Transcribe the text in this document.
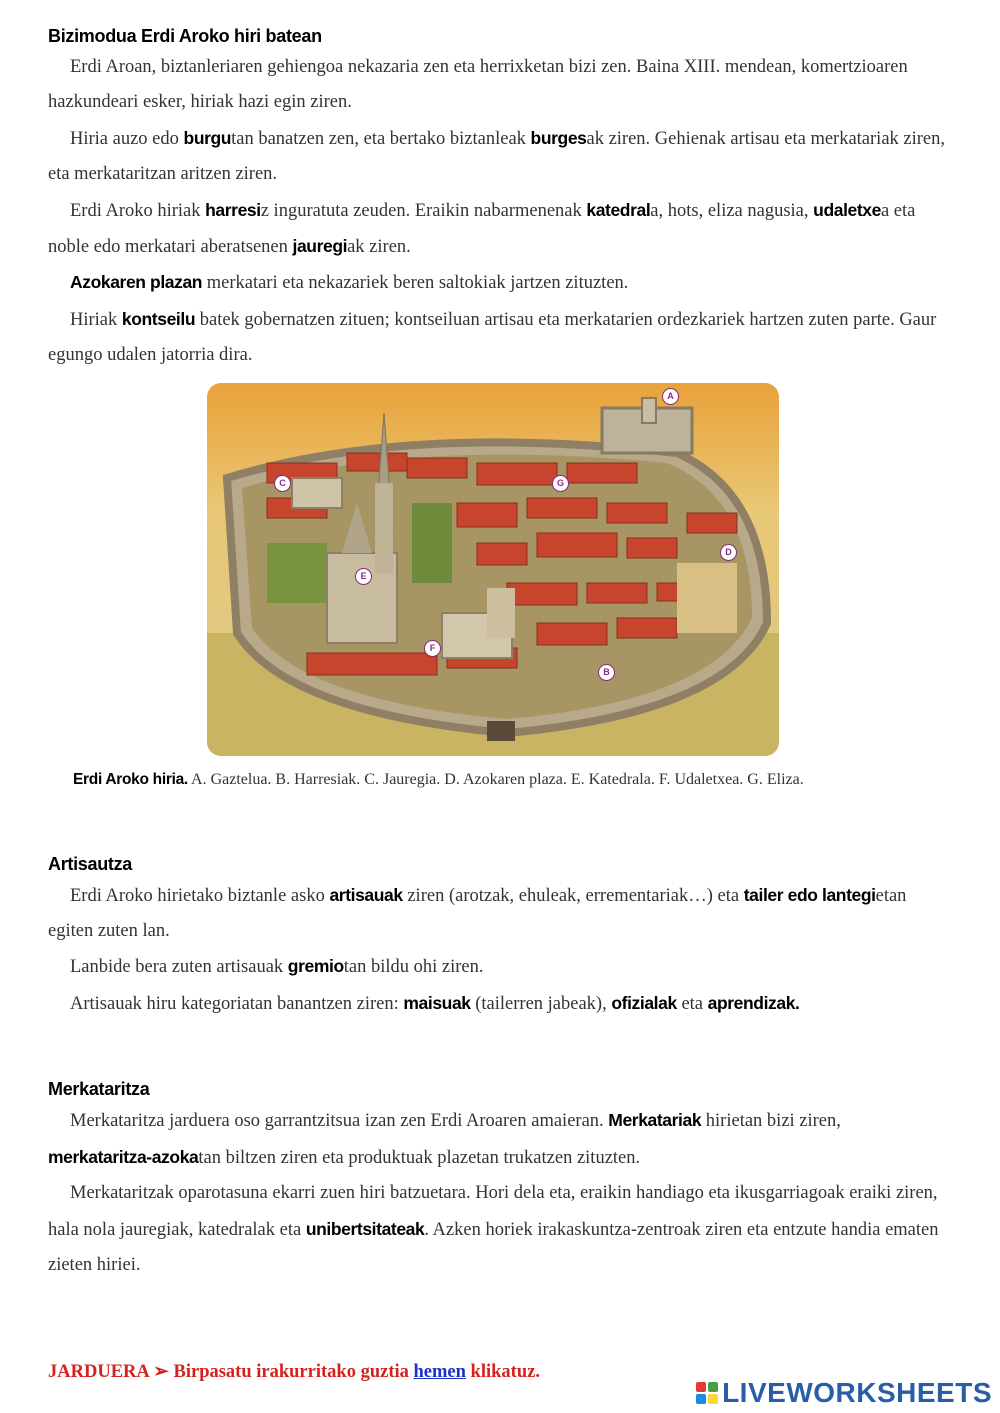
Bizimodua Erdi Aroko hiri batean

Erdi Aroan, biztanleriaren gehiengoa nekazaria zen eta herrixketan bizi zen. Baina XIII. mendean, komertzioaren hazkundeari esker, hiriak hazi egin ziren.

Hiria auzo edo burgutan banatzen zen, eta bertako biztanleak burgesak ziren. Gehienak artisau eta merkatariak ziren, eta merkataritzan aritzen ziren.

Erdi Aroko hiriak harresiz inguratuta zeuden. Eraikin nabarmenenak katedrala, hots, eliza nagusia, udaletxea eta noble edo merkatari aberatsenen jauregiak ziren.

Azokaren plazan merkatari eta nekazariek beren saltokiak jartzen zituzten.

Hiriak kontseilu batek gobernatzen zituen; kontseiluan artisau eta merkatarien ordezkariek hartzen zuten parte. Gaur egungo udalen jatorria dira.

A
B
C
D
E
F
G
Erdi Aroko hiria. A. Gaztelua. B. Harresiak. C. Jauregia. D. Azokaren plaza. E. Katedrala. F. Udaletxea. G. Eliza.
Artisautza

Erdi Aroko hirietako biztanle asko artisauak ziren (arotzak, ehuleak, errementariak…) eta tailer edo lantegietan egiten zuten lan.

Lanbide bera zuten artisauak gremiotan bildu ohi ziren.

Artisauak hiru kategoriatan banantzen ziren: maisuak (tailerren jabeak), ofizialak eta aprendizak.

Merkataritza

Merkataritza jarduera oso garrantzitsua izan zen Erdi Aroaren amaieran. Merkatariak hirietan bizi ziren, merkataritza-azokatan biltzen ziren eta produktuak plazetan trukatzen zituzten.

Merkataritzak oparotasuna ekarri zuen hiri batzuetara. Hori dela eta, eraikin handiago eta ikusgarriagoak eraiki ziren, hala nola jauregiak, katedralak eta unibertsitateak. Azken horiek irakaskuntza-zentroak ziren eta entzute handia ematen zieten hiriei.

JARDUERA ➢ Birpasatu irakurritako guztia hemen klikatuz.
LIVEWORKSHEETS
